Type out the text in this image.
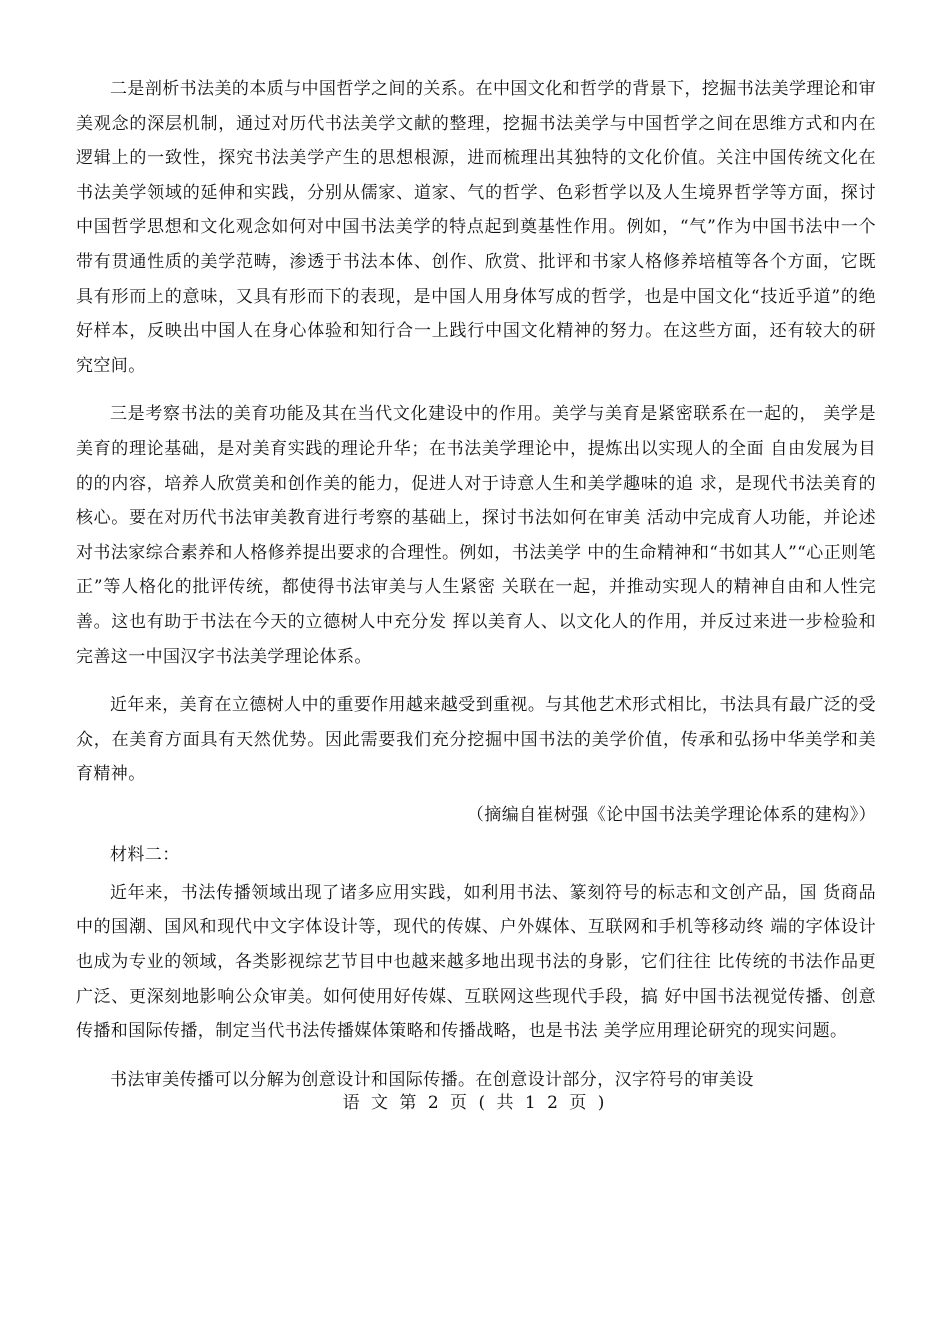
二是剖析书法美的本质与中国哲学之间的关系。在中国文化和哲学的背景下，挖掘书法美学理论和审美观念的深层机制，通过对历代书法美学文献的整理，挖掘书法美学与中国哲学之间在思维方式和内在逻辑上的一致性，探究书法美学产生的思想根源，进而梳理出其独特的文化价值。关注中国传统文化在书法美学领域的延伸和实践，分别从儒家、道家、气的哲学、色彩哲学以及人生境界哲学等方面，探讨中国哲学思想和文化观念如何对中国书法美学的特点起到奠基性作用。例如，“气”作为中国书法中一个带有贯通性质的美学范畴，渗透于书法本体、创作、欣赏、批评和书家人格修养培植等各个方面，它既具有形而上的意味，又具有形而下的表现，是中国人用身体写成的哲学，也是中国文化“技近乎道”的绝好样本，反映出中国人在身心体验和知行合一上践行中国文化精神的努力。在这些方面，还有较大的研究空间。

三是考察书法的美育功能及其在当代文化建设中的作用。美学与美育是紧密联系在一起的， 美学是美育的理论基础，是对美育实践的理论升华；在书法美学理论中，提炼出以实现人的全面 自由发展为目的的内容，培养人欣赏美和创作美的能力，促进人对于诗意人生和美学趣味的追 求，是现代书法美育的核心。要在对历代书法审美教育进行考察的基础上，探讨书法如何在审美 活动中完成育人功能，并论述对书法家综合素养和人格修养提出要求的合理性。例如，书法美学 中的生命精神和“书如其人”“心正则笔正”等人格化的批评传统，都使得书法审美与人生紧密 关联在一起，并推动实现人的精神自由和人性完善。这也有助于书法在今天的立德树人中充分发 挥以美育人、以文化人的作用，并反过来进一步检验和完善这一中国汉字书法美学理论体系。

近年来，美育在立德树人中的重要作用越来越受到重视。与其他艺术形式相比，书法具有最广泛的受众，在美育方面具有天然优势。因此需要我们充分挖掘中国书法的美学价值，传承和弘扬中华美学和美育精神。

（摘编自崔树强《论中国书法美学理论体系的建构》）
材料二：

近年来，书法传播领域出现了诸多应用实践，如利用书法、篆刻符号的标志和文创产品，国 货商品中的国潮、国风和现代中文字体设计等，现代的传媒、户外媒体、互联网和手机等移动终 端的字体设计也成为专业的领域，各类影视综艺节目中也越来越多地出现书法的身影，它们往往 比传统的书法作品更广泛、更深刻地影响公众审美。如何使用好传媒、互联网这些现代手段，搞 好中国书法视觉传播、创意传播和国际传播，制定当代书法传播媒体策略和传播战略，也是书法 美学应用理论研究的现实问题。

书法审美传播可以分解为创意设计和国际传播。在创意设计部分，汉字符号的审美设

语 文 第 2 页 ( 共 1 2 页 )
